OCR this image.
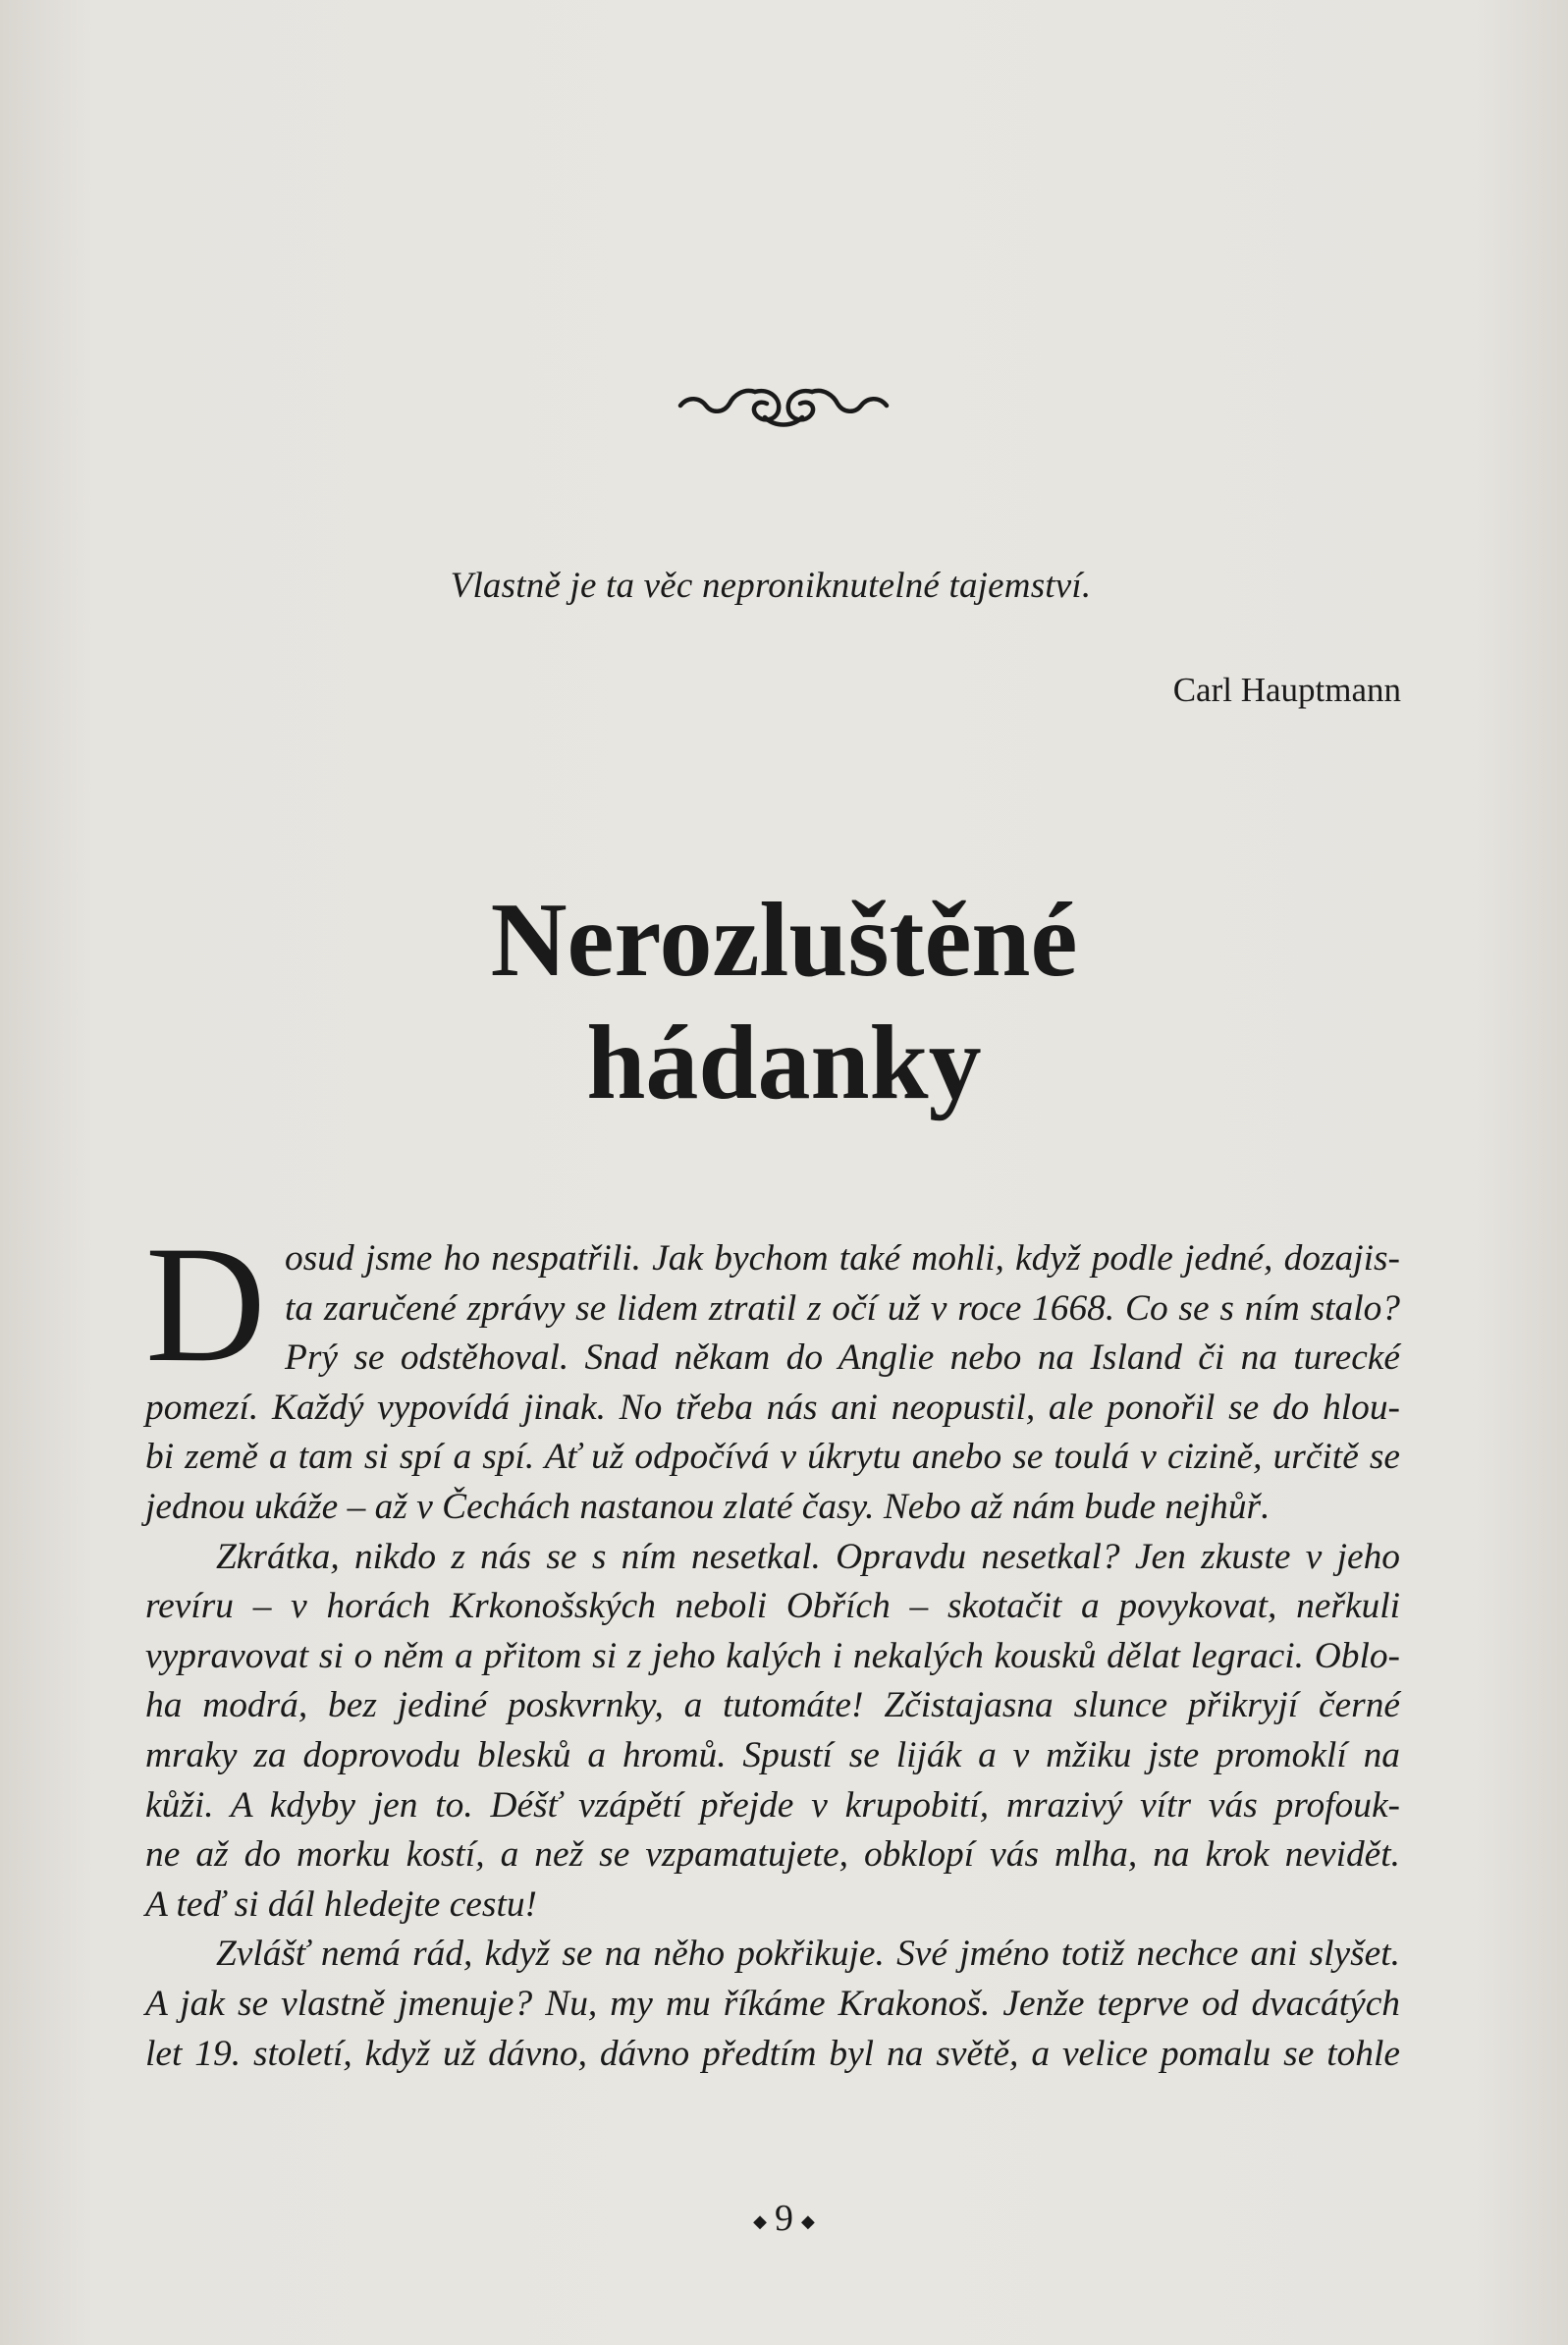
Vlastně je ta věc neproniknutelné tajemství.
Carl Hauptmann
Nerozluštěné
hádanky
D osud jsme ho nespatřili. Jak bychom také mohli, když podle jedné, dozajis-
ta zaručené zprávy se lidem ztratil z očí už v roce 1668. Co se s ním stalo?
Prý se odstěhoval. Snad někam do Anglie nebo na Island či na turecké
pomezí. Každý vypovídá jinak. No třeba nás ani neopustil, ale ponořil se do hlou-
bi země a tam si spí a spí. Ať už odpočívá v úkrytu anebo se toulá v cizině, určitě se
jednou ukáže – až v Čechách nastanou zlaté časy. Nebo až nám bude nejhůř.
Zkrátka, nikdo z nás se s ním nesetkal. Opravdu nesetkal? Jen zkuste v jeho
revíru – v horách Krkonošských neboli Obřích – skotačit a povykovat, neřkuli
vypravovat si o něm a přitom si z jeho kalých i nekalých kousků dělat legraci. Oblo-
ha modrá, bez jediné poskvrnky, a tutomáte! Zčistajasna slunce přikryjí černé
mraky za doprovodu blesků a hromů. Spustí se liják a v mžiku jste promoklí na
kůži. A kdyby jen to. Déšť vzápětí přejde v krupobití, mrazivý vítr vás profouk-
ne až do morku kostí, a než se vzpamatujete, obklopí vás mlha, na krok nevidět.
A teď si dál hledejte cestu!
Zvlášť nemá rád, když se na něho pokřikuje. Své jméno totiž nechce ani slyšet.
A jak se vlastně jmenuje? Nu, my mu říkáme Krakonoš. Jenže teprve od dvacátých
let 19. století, když už dávno, dávno předtím byl na světě, a velice pomalu se tohle
◆ 9 ◆
